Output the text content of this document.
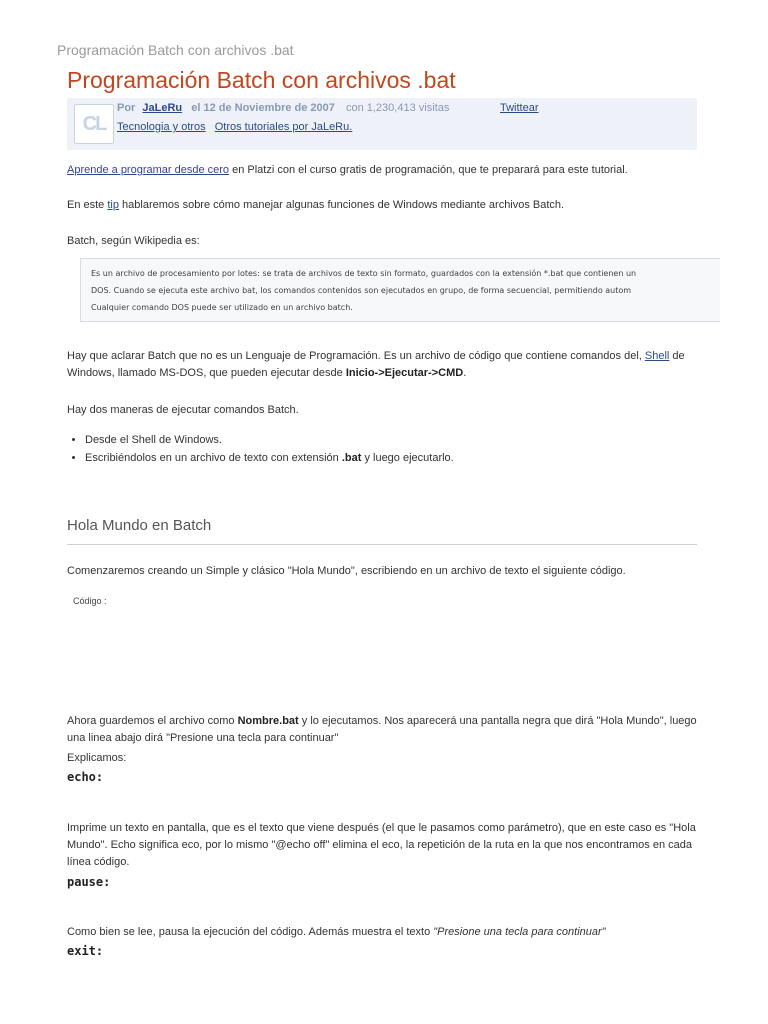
Programación Batch con archivos .bat
Programación Batch con archivos .bat
CL
Por JaLeRu el 12 de Noviembre de 2007 con 1,230,413 visitas	Twittear
Tecnologia y otros Otros tutoriales por JaLeRu.
Aprende a programar desde cero en Platzi con el curso gratis de programación, que te preparará para este tutorial.
En este tip hablaremos sobre cómo manejar algunas funciones de Windows mediante archivos Batch.
Batch, según Wikipedia es:
Es un archivo de procesamiento por lotes: se trata de archivos de texto sin formato, guardados con la extensión *.bat que contienen un
DOS. Cuando se ejecuta este archivo bat, los comandos contenidos son ejecutados en grupo, de forma secuencial, permitiendo autom
Cualquier comando DOS puede ser utilizado en un archivo batch.
Hay que aclarar Batch que no es un Lenguaje de Programación. Es un archivo de código que contiene comandos del, Shell de Windows, llamado MS-DOS, que pueden ejecutar desde Inicio->Ejecutar->CMD.
Hay dos maneras de ejecutar comandos Batch.
• Desde el Shell de Windows.
• Escribiéndolos en un archivo de texto con extensión .bat y luego ejecutarlo.
Hola Mundo en Batch
Comenzaremos creando un Simple y clásico "Hola Mundo", escribiendo en un archivo de texto el siguiente código.
Código :
Ahora guardemos el archivo como Nombre.bat y lo ejecutamos. Nos aparecerá una pantalla negra que dirá "Hola Mundo", luego una linea abajo dirá "Presione una tecla para continuar"
Explicamos:
echo:
Imprime un texto en pantalla, que es el texto que viene después (el que le pasamos como parámetro), que en este caso es "Hola Mundo". Echo significa eco, por lo mismo "@echo off" elimina el eco, la repetición de la ruta en la que nos encontramos en cada línea código.
pause:
Como bien se lee, pausa la ejecución del código. Además muestra el texto "Presione una tecla para continuar"
exit:
